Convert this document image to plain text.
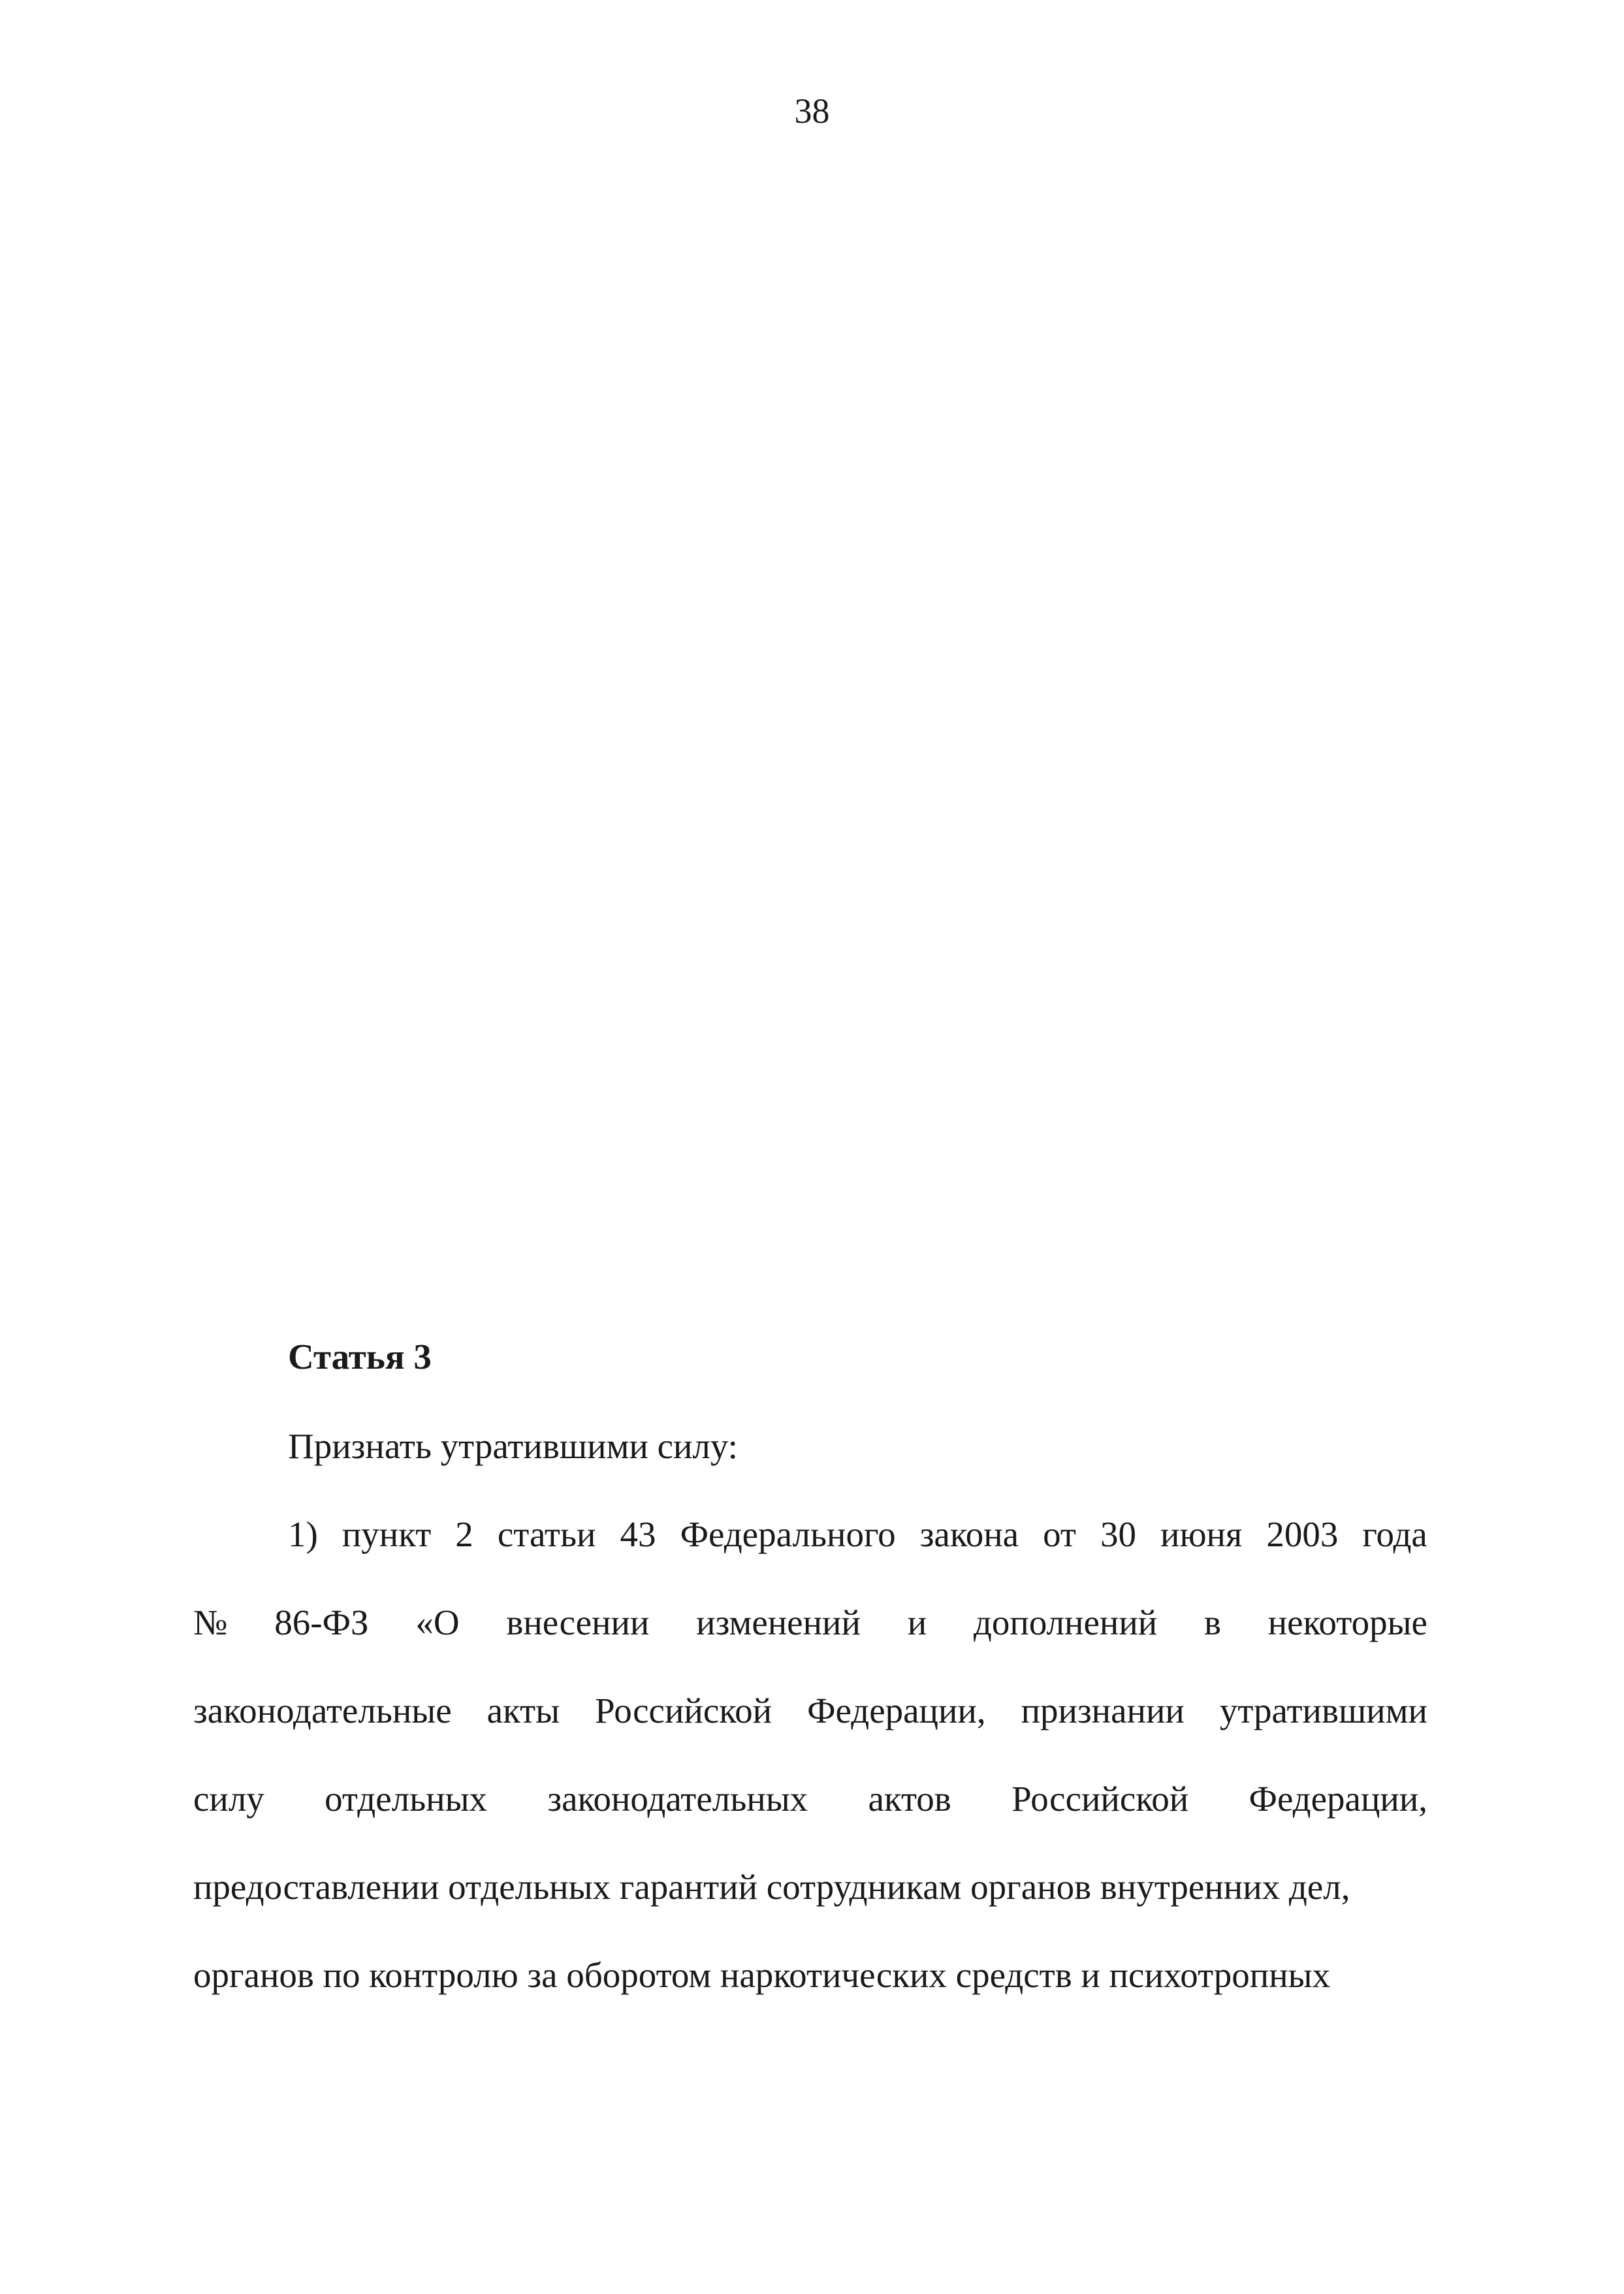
38
Статья 3
Признать утратившими силу:
1) пункт 2 статьи 43 Федерального закона от 30 июня 2003 года
№ 86-ФЗ «О внесении изменений и дополнений в некоторые
законодательные акты Российской Федерации, признании утратившими
силу отдельных законодательных актов Российской Федерации,
предоставлении отдельных гарантий сотрудникам органов внутренних дел,
органов по контролю за оборотом наркотических средств и психотропных
